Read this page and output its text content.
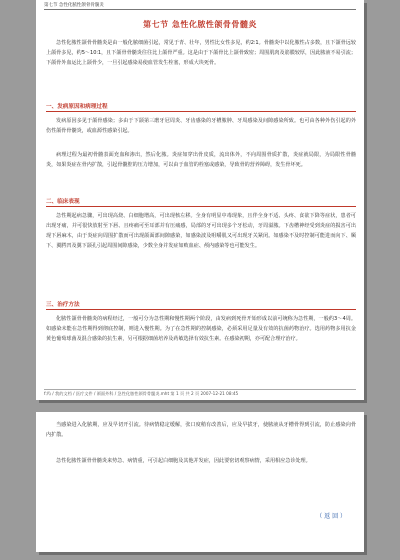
第七节 急性化脓性颌骨骨髓炎
第七节 急性化脓性颌骨骨髓炎

急性化脓性颌骨骨髓炎是由一般化脓细菌引起，常见于青、壮年，男性比女性多见，约2∶1。骨髓炎中以化脓性占多数，且下颌骨远较上颌骨多见，约5～10∶1，且下颌骨骨髓炎往往比上颌骨严重。这是由于下颌骨比上颌骨致密；周围肌肉及筋膜较厚，因此脓液不易引流；下颌骨外血运比上颌骨少，一旦引起感染易使血管发生栓塞，形成大块死骨。

一、发病原因和病理过程

发病原因多见于颌骨感染；多由于下颌第三磨牙冠周炎、牙齿感染的牙槽脓肿、牙周感染及间隙感染所致。也可由各种外伤引起的外伤性颌骨骨髓炎，或血源性感染引起。

病理过程为最初骨髓表面充血和渗出，然后化脓。炎症如穿出骨皮质，流出体外，不向周围骨质扩散，炎症就局限，为局限性骨髓炎，如果炎症在骨内扩散，引起骨髓腔的压力增加，可以由于血管的栓塞或感染，导致骨的营养障碍，发生骨坏死。

二、临床表现

急性期起病急骤，可出现高烧、白细胞增高，可出现核左移。全身有明显中毒现象，且伴全身不适、头疼、食欲下降等症状，患者可出现牙痛，并可很快放射至下唇、且疼痛可至耳部并有压痛感，局部的牙可出现多个牙松动，牙周溢脓。下齿槽神经受到炎症的损害可出现下唇麻木，由于炎症向周围扩散而可出现颌面部间隙感染，如感染波及咀嚼肌又可出现牙关紧闭。如感染不及时控制可能进而向下、颞下、翼腭凹及翼下颌孔引起周围间隙感染，少数全身并发症如败血症、颅内感染等也可能发生。

三、治疗方法

化脓性颌骨骨髓炎的病程经过，一般可分为急性期和慢性期两个阶段，由发病到死骨开始形成以前可统称为急性期，一般约3～4周。如感染未能在急性期得到彻底控制，则进入慢性期。为了在急性期的控制感染，必须采用足量及有效的抗菌药物治疗。选用药物多用抗金黄色葡萄球菌及混合感染的抗生素，另可根据细菌培养及药敏选择有效抗生素。在感染初期，亦可配合理疗治疗。

f:/\\ / 我的文档 / 医疗文件 / 颌面外科 / 急性化脓性颌骨骨髓炎.mht 第 1 页 共 2 页 2007-12-21 08:45

当感染进入化脓期，应及早切开引流。待病情稳定缓解，张口度稍有改善后，应及早拔牙，使脓液从牙槽骨得到引流，防止感染向骨内扩散。

急性化脓性颌骨骨髓炎来势急、病情重，可引起白细胞及其他并发症，因此要密切观察病情，采用相应急诊处理。

（ 返 回 ）
